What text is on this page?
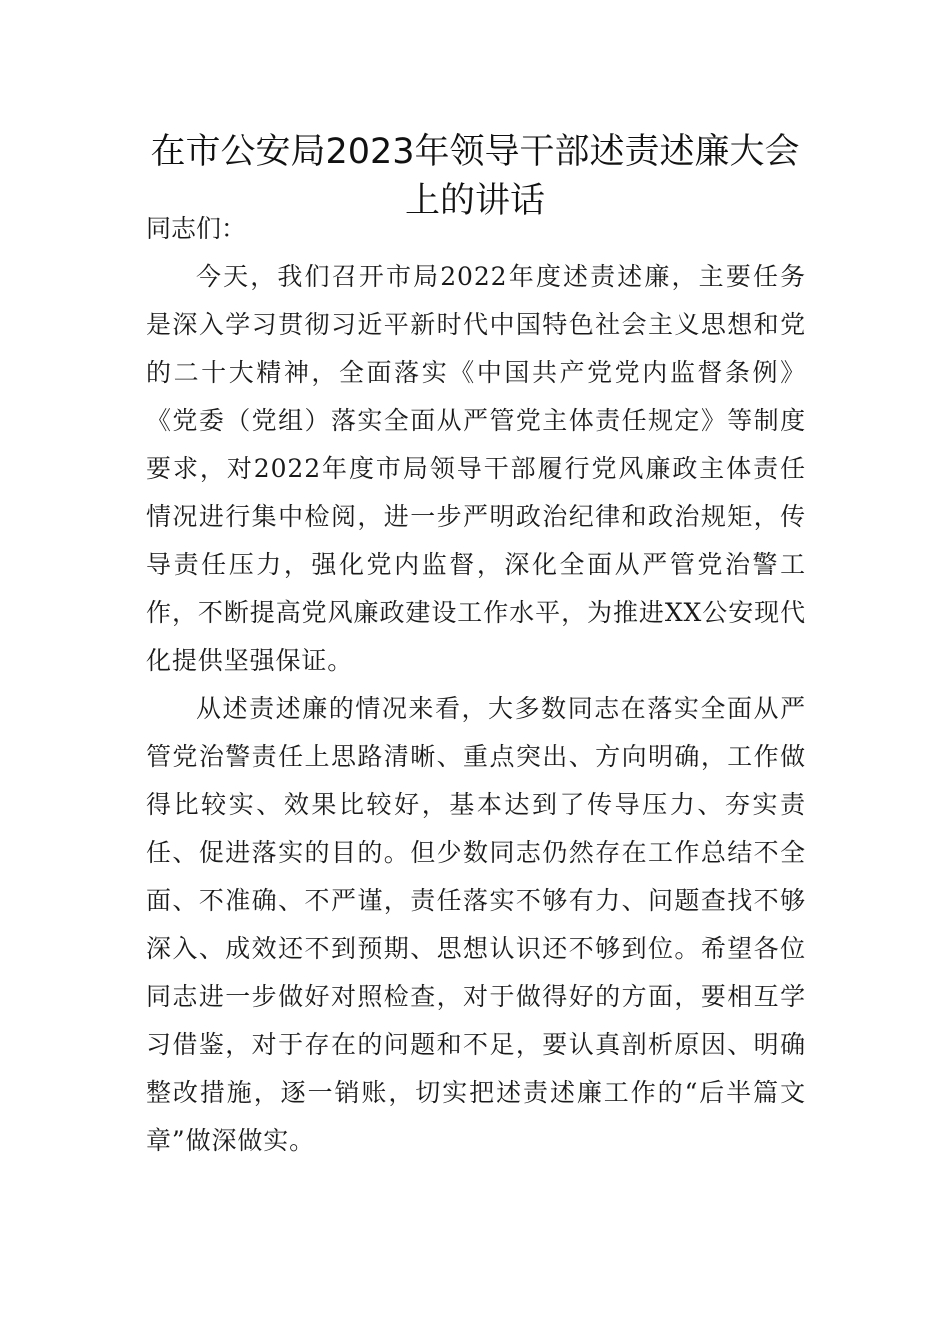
在市公安局2023年领导干部述责述廉大会上的讲话

同志们：

今天，我们召开市局2022年度述责述廉，主要任务是深入学习贯彻习近平新时代中国特色社会主义思想和党的二十大精神，全面落实《中国共产党党内监督条例》《党委（党组）落实全面从严管党主体责任规定》等制度要求，对2022年度市局领导干部履行党风廉政主体责任情况进行集中检阅，进一步严明政治纪律和政治规矩，传导责任压力，强化党内监督，深化全面从严管党治警工作，不断提高党风廉政建设工作水平，为推进XX公安现代化提供坚强保证。

从述责述廉的情况来看，大多数同志在落实全面从严管党治警责任上思路清晰、重点突出、方向明确，工作做得比较实、效果比较好，基本达到了传导压力、夯实责任、促进落实的目的。但少数同志仍然存在工作总结不全面、不准确、不严谨，责任落实不够有力、问题查找不够深入、成效还不到预期、思想认识还不够到位。希望各位同志进一步做好对照检查，对于做得好的方面，要相互学习借鉴，对于存在的问题和不足，要认真剖析原因、明确整改措施，逐一销账，切实把述责述廉工作的“后半篇文章”做深做实。
